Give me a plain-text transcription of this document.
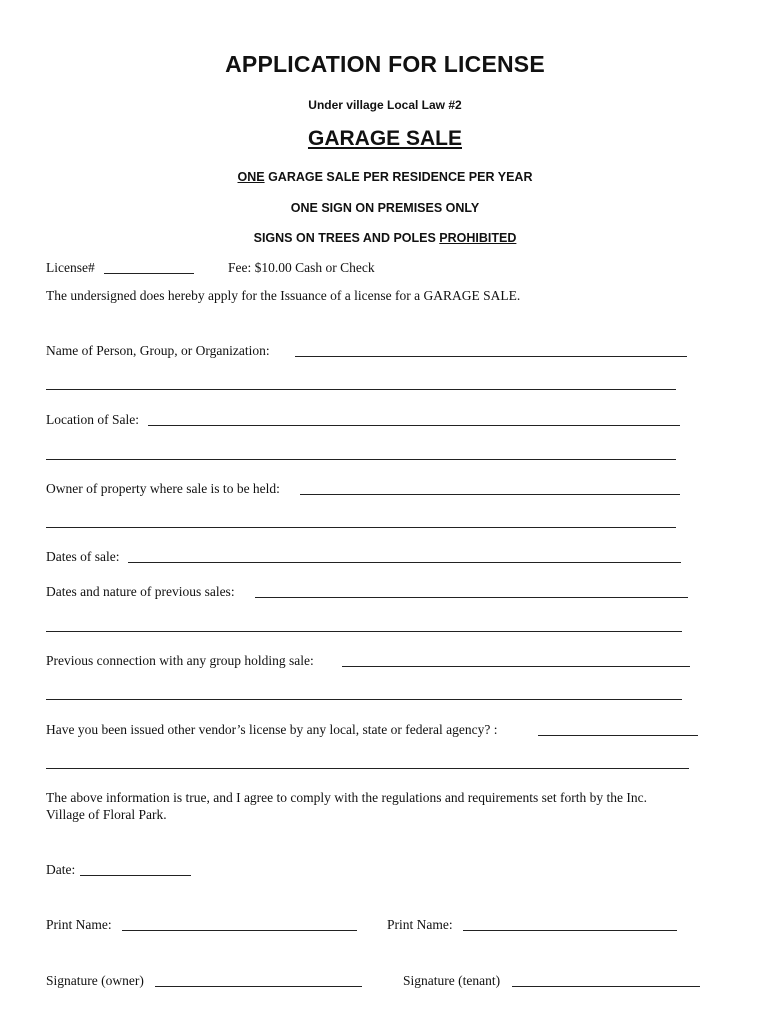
APPLICATION FOR LICENSE
Under village Local Law #2
GARAGE SALE
ONE GARAGE SALE PER RESIDENCE PER YEAR
ONE SIGN ON PREMISES ONLY
SIGNS ON TREES AND POLES PROHIBITED
License#	Fee: $10.00 Cash or Check
The undersigned does hereby apply for the Issuance of a license for a GARAGE SALE.
Name of Person, Group, or Organization:
Location of Sale:
Owner of property where sale is to be held:
Dates of sale:
Dates and nature of previous sales:
Previous connection with any group holding sale:
Have you been issued other vendor’s license by any local, state or federal agency? :
The above information is true, and I agree to comply with the regulations and requirements set forth by the Inc.
Village of Floral Park.
Date:
Print Name:	Print Name:
Signature (owner)	Signature (tenant)
